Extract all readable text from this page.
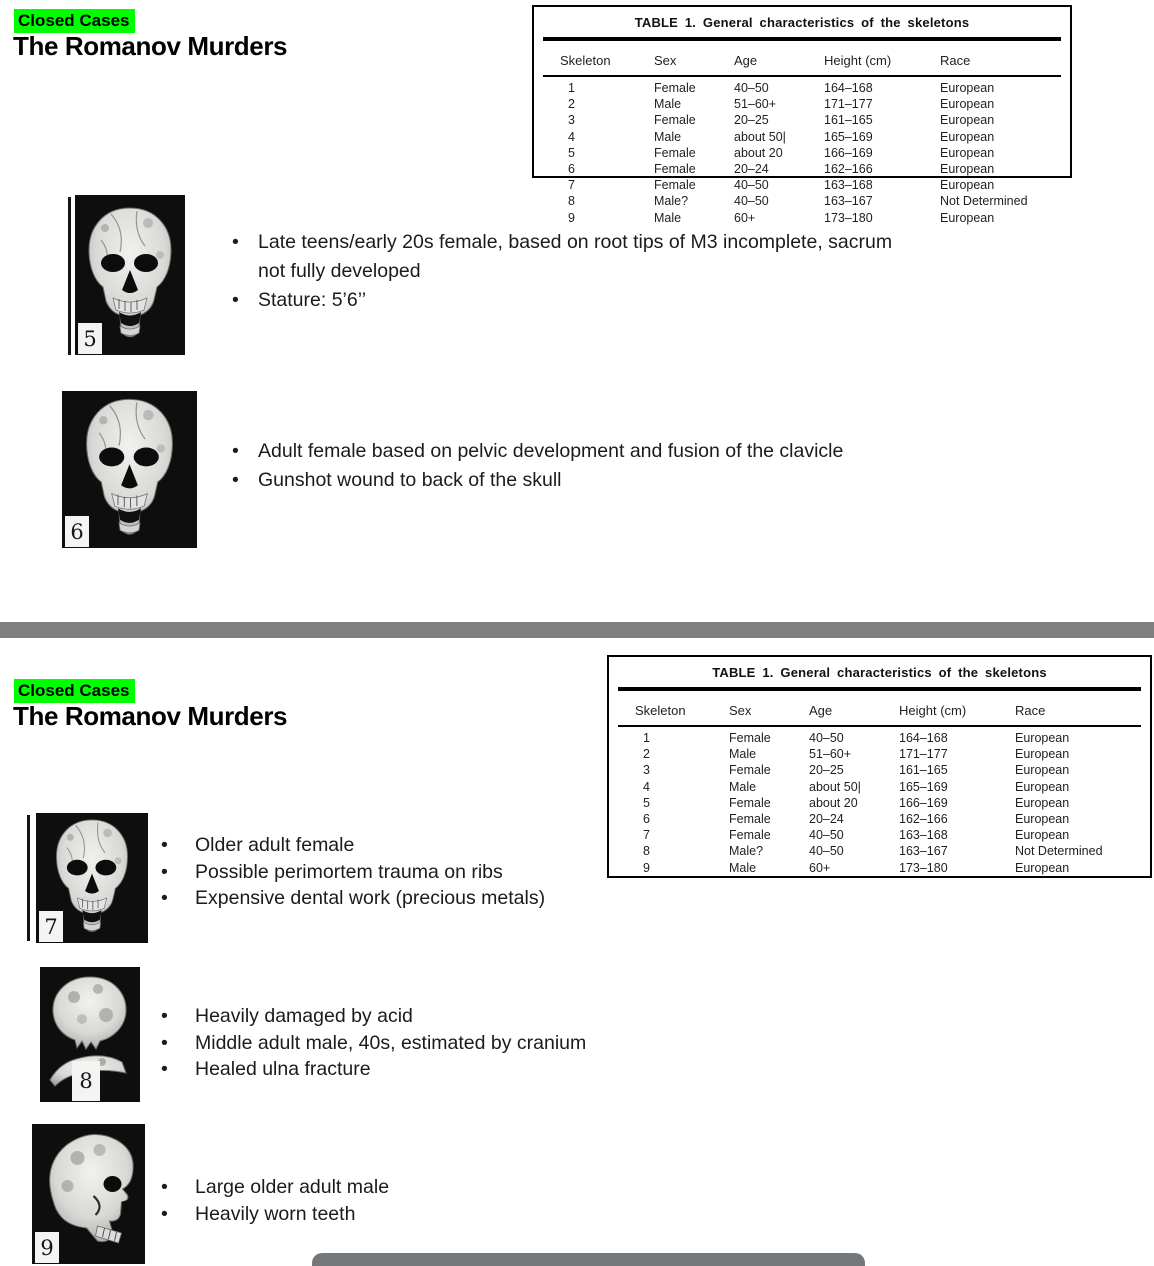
Closed Cases
The Romanov Murders
TABLE 1. General characteristics of the skeletons
Skeleton	Sex	Age	Height (cm)	Race
1	Female	40–50	164–168	European
2	Male	51–60+	171–177	European
3	Female	20–25	161–165	European
4	Male	about 50|	165–169	European
5	Female	about 20	166–169	European
6	Female	20–24	162–166	European
7	Female	40–50	163–168	European
8	Male?	40–50	163–167	Not Determined
9	Male	60+	173–180	European
5
• Late teens/early 20s female, based on root tips of M3 incomplete, sacrum not fully developed
• Stature: 5’6’’
6
• Adult female based on pelvic development and fusion of the clavicle
• Gunshot wound to back of the skull
Closed Cases
The Romanov Murders
TABLE 1. General characteristics of the skeletons
Skeleton	Sex	Age	Height (cm)	Race
1	Female	40–50	164–168	European
2	Male	51–60+	171–177	European
3	Female	20–25	161–165	European
4	Male	about 50|	165–169	European
5	Female	about 20	166–169	European
6	Female	20–24	162–166	European
7	Female	40–50	163–168	European
8	Male?	40–50	163–167	Not Determined
9	Male	60+	173–180	European
7
•	Older adult female
•	Possible perimortem trauma on ribs
•	Expensive dental work (precious metals)
8
•	Heavily damaged by acid
•	Middle adult male, 40s, estimated by cranium
•	Healed ulna fracture
9
•	Large older adult male
•	Heavily worn teeth
